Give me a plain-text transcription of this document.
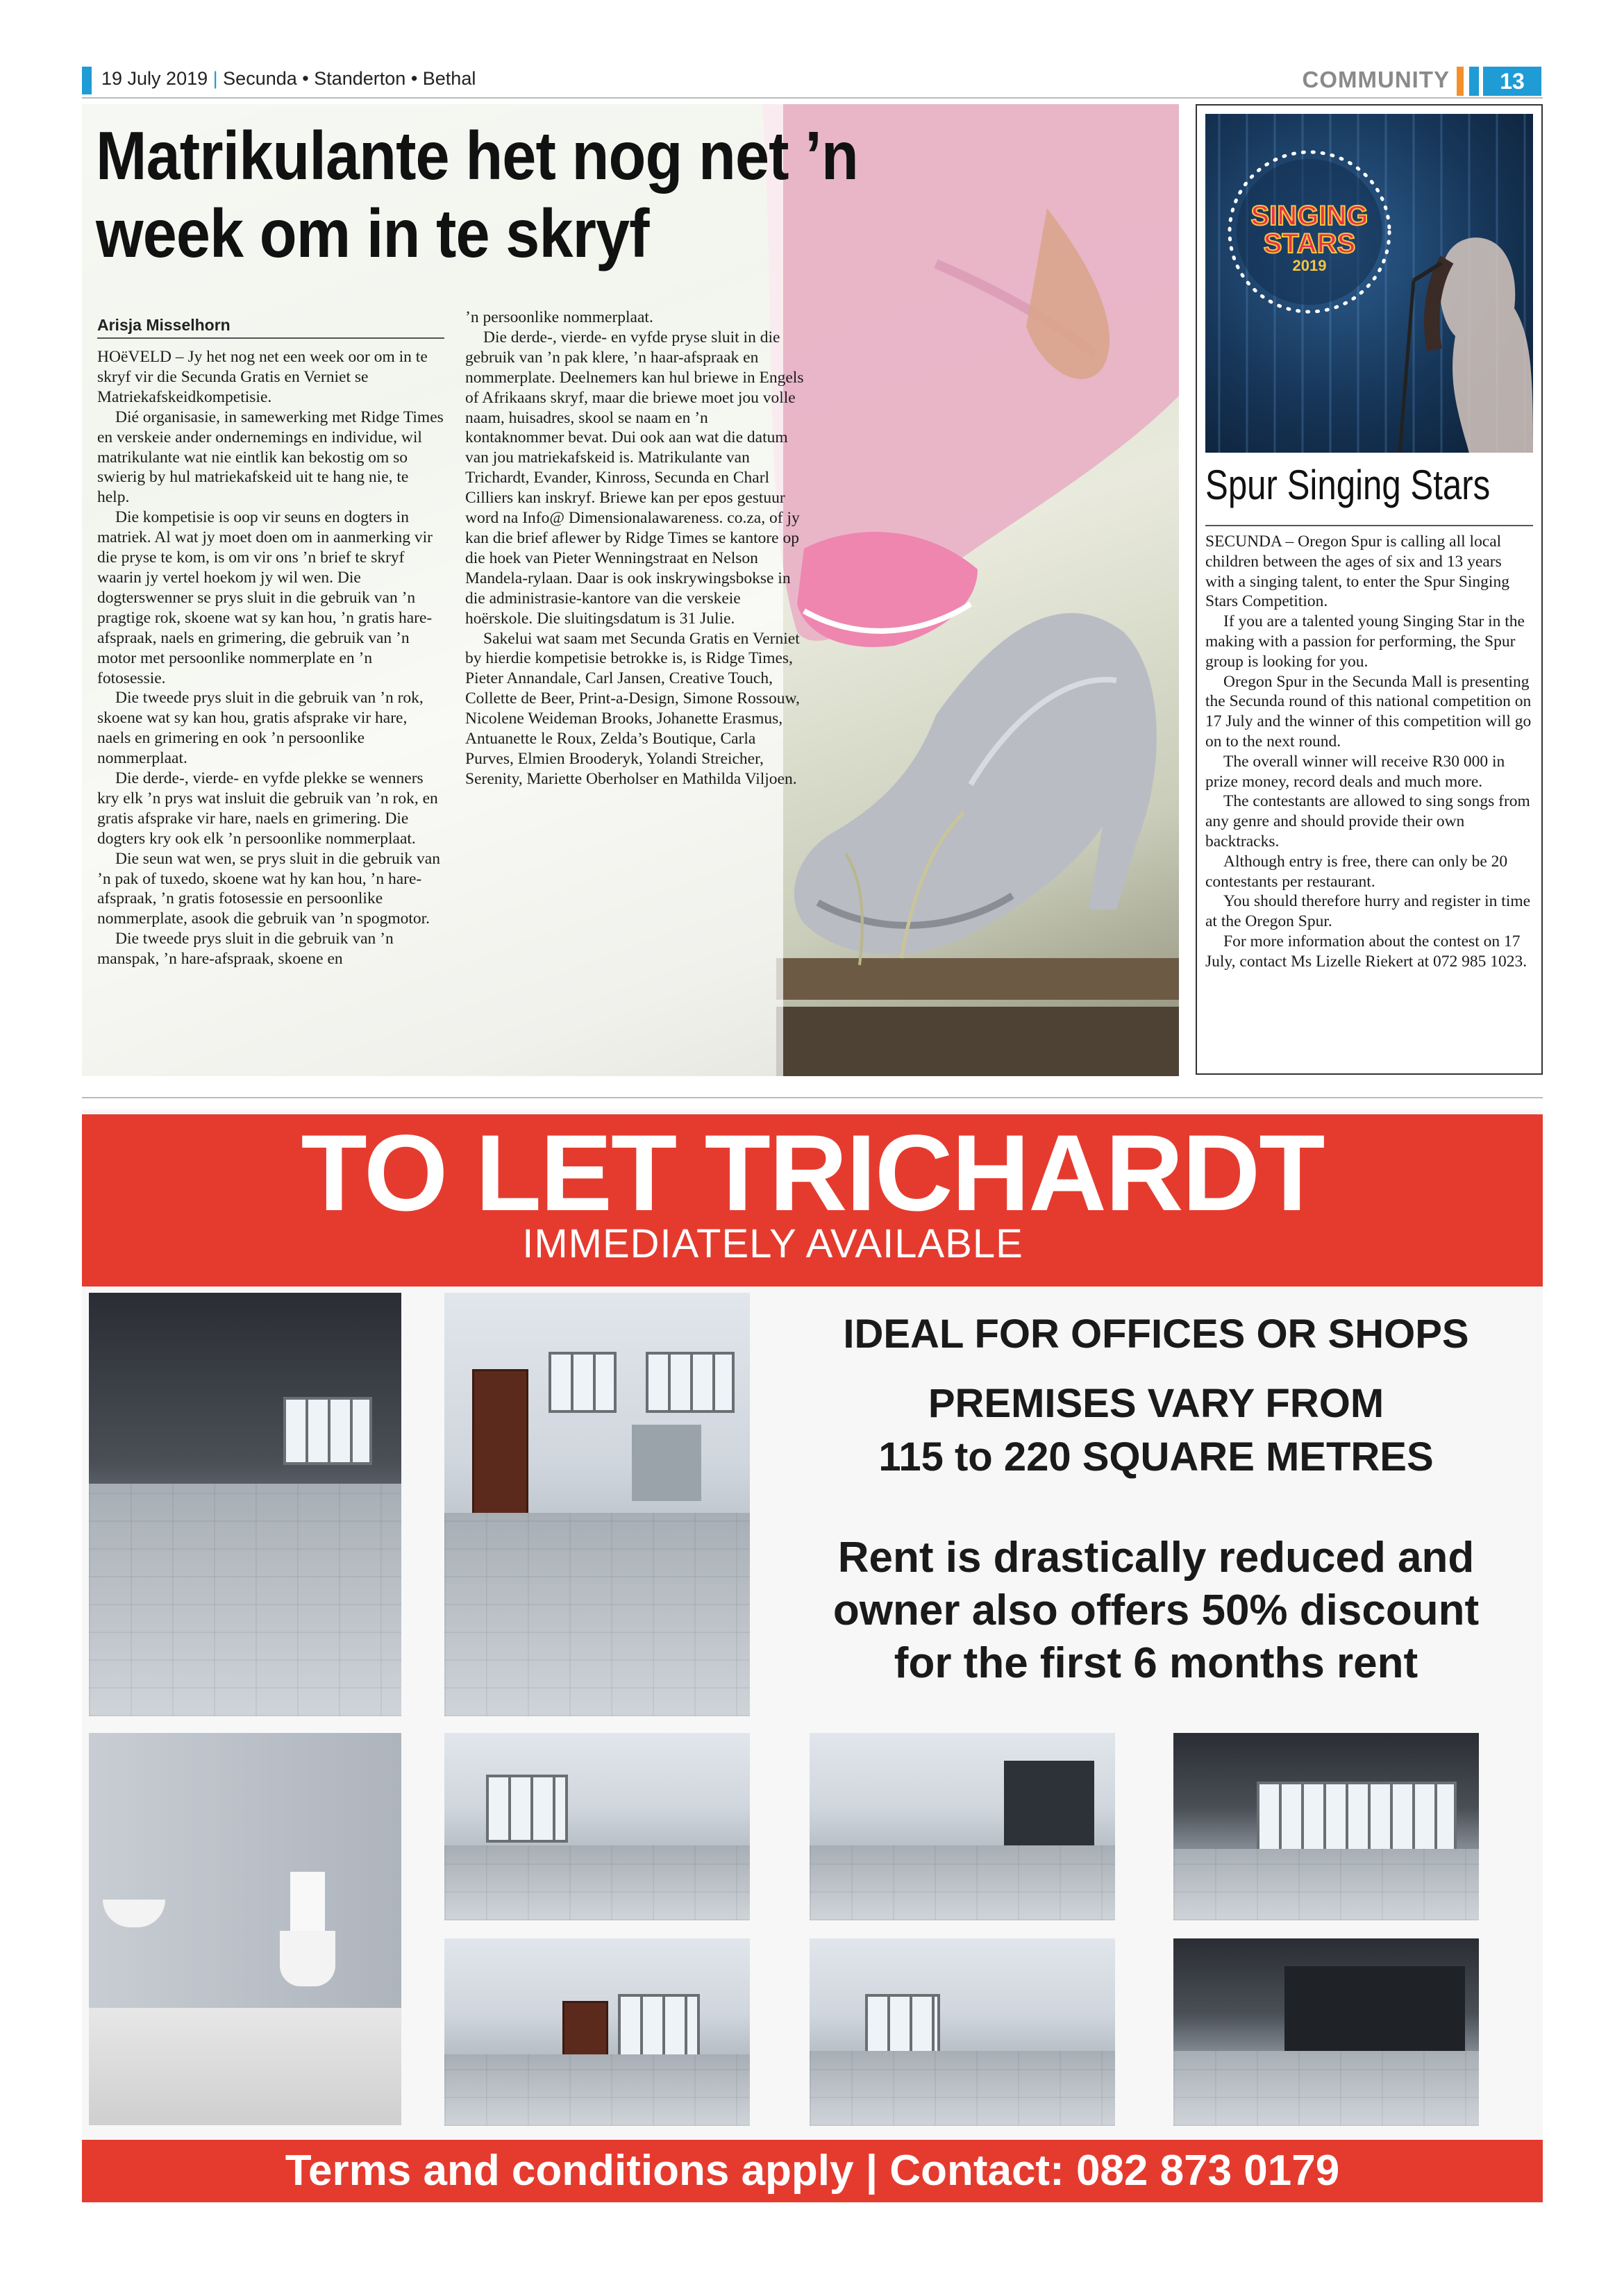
19 July 2019 | Secunda • Standerton • Bethal	COMMUNITY	13
Matrikulante het nog net ’n week om in te skryf
Arisja Misselhorn

HOëVELD – Jy het nog net een week oor om in te skryf vir die Secunda Gratis en Verniet se Matriekafskeidkompetisie.

Dié organisasie, in samewerking met Ridge Times en verskeie ander ondernemings en individue, wil matrikulante wat nie eintlik kan bekostig om so swierig by hul matriekafskeid uit te hang nie, te help.

Die kompetisie is oop vir seuns en dogters in matriek. Al wat jy moet doen om in aanmerking vir die pryse te kom, is om vir ons ’n brief te skryf waarin jy vertel hoekom jy wil wen. Die dogterswenner se prys sluit in die gebruik van ’n pragtige rok, skoene wat sy kan hou, ’n gratis hare-afspraak, naels en grimering, die gebruik van ’n motor met persoonlike nommerplate en ’n fotosessie.

Die tweede prys sluit in die gebruik van ’n rok, skoene wat sy kan hou, gratis afsprake vir hare, naels en grimering en ook ’n persoonlike nommerplaat.

Die derde-, vierde- en vyfde plekke se wenners kry elk ’n prys wat insluit die gebruik van ’n rok, en gratis afsprake vir hare, naels en grimering. Die dogters kry ook elk ’n persoonlike nommerplaat.

Die seun wat wen, se prys sluit in die gebruik van ’n pak of tuxedo, skoene wat hy kan hou, ’n hare-afspraak, ’n gratis fotosessie en persoonlike nommerplate, asook die gebruik van ’n spogmotor.

Die tweede prys sluit in die gebruik van ’n manspak, ’n hare-afspraak, skoene en

’n persoonlike nommerplaat.

Die derde-, vierde- en vyfde pryse sluit in die gebruik van ’n pak klere, ’n haar-afspraak en nommerplate. Deelnemers kan hul briewe in Engels of Afrikaans skryf, maar die briewe moet jou volle naam, huisadres, skool se naam en ’n kontaknommer bevat. Dui ook aan wat die datum van jou matriekafskeid is. Matrikulante van Trichardt, Evander, Kinross, Secunda en Charl Cilliers kan inskryf. Briewe kan per epos gestuur word na Info@ Dimensionalawareness. co.za, of jy kan die brief aflewer by Ridge Times se kantore op die hoek van Pieter Wenningstraat en Nelson Mandela-rylaan. Daar is ook inskrywingsbokse in die administrasie-kantore van die verskeie hoërskole. Die sluitingsdatum is 31 Julie.

Sakelui wat saam met Secunda Gratis en Verniet by hierdie kompetisie betrokke is, is Ridge Times, Pieter Annandale, Carl Jansen, Creative Touch, Collette de Beer, Print-a-Design, Simone Rossouw, Nicolene Weideman Brooks, Johanette Erasmus, Antuanette le Roux, Zelda’s Boutique, Carla Purves, Elmien Brooderyk, Yolandi Streicher, Serenity, Mariette Oberholser en Mathilda Viljoen.

SINGING
STARS
2019
Spur Singing Stars

SECUNDA – Oregon Spur is calling all local children between the ages of six and 13 years with a singing talent, to enter the Spur Singing Stars Competition.

If you are a talented young Singing Star in the making with a passion for performing, the Spur group is looking for you.

Oregon Spur in the Secunda Mall is presenting the Secunda round of this national competition on 17 July and the winner of this competition will go on to the next round.

The overall winner will receive R30 000 in prize money, record deals and much more.

The contestants are allowed to sing songs from any genre and should provide their own backtracks.

Although entry is free, there can only be 20 contestants per restaurant.

You should therefore hurry and register in time at the Oregon Spur.

For more information about the contest on 17 July, contact Ms Lizelle Riekert at 072 985 1023.

TO LET TRICHARDT
IMMEDIATELY AVAILABLE
IDEAL FOR OFFICES OR SHOPS
PREMISES VARY FROM
115 to 220 SQUARE METRES
Rent is drastically reduced and
owner also offers 50% discount
for the first 6 months rent
Terms and conditions apply | Contact: 082 873 0179
